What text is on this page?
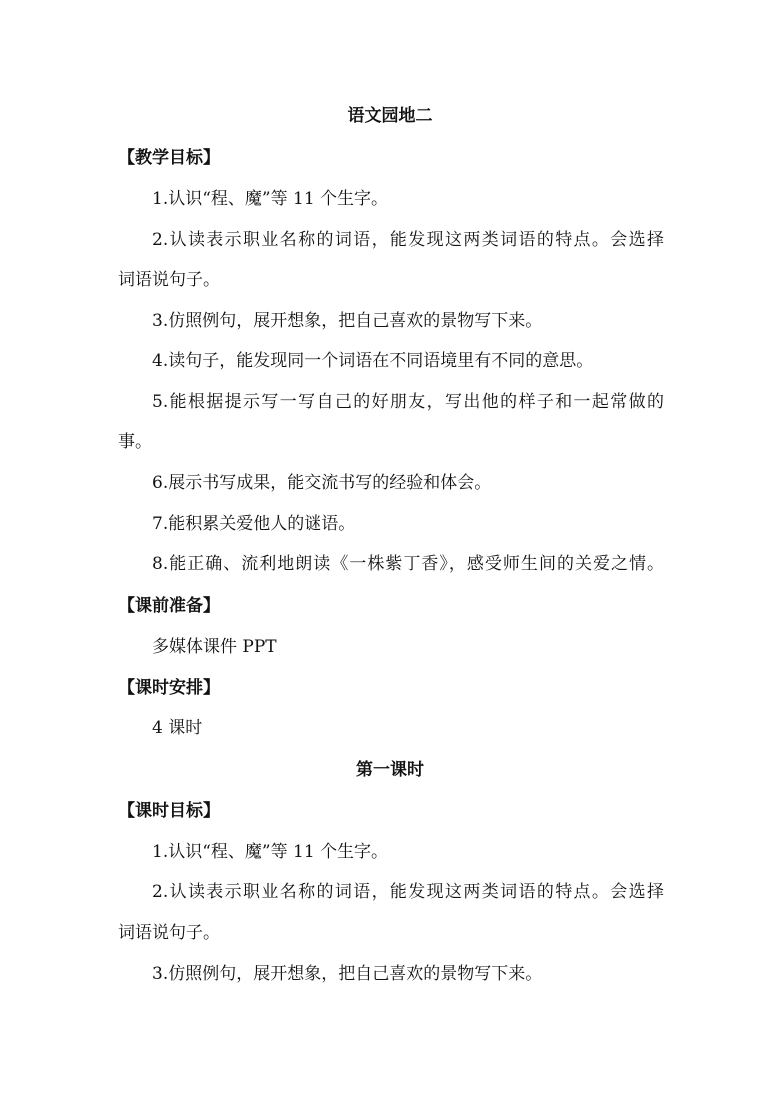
语文园地二
【教学目标】
1.认识“程、魔”等 11 个生字。
2.认读表示职业名称的词语，能发现这两类词语的特点。会选择
词语说句子。
3.仿照例句，展开想象，把自己喜欢的景物写下来。
4.读句子，能发现同一个词语在不同语境里有不同的意思。
5.能根据提示写一写自己的好朋友，写出他的样子和一起常做的
事。
6.展示书写成果，能交流书写的经验和体会。
7.能积累关爱他人的谜语。
8.能正确、流利地朗读《一株紫丁香》，感受师生间的关爱之情。
【课前准备】
多媒体课件 PPT
【课时安排】
4 课时
第一课时
【课时目标】
1.认识“程、魔”等 11 个生字。
2.认读表示职业名称的词语，能发现这两类词语的特点。会选择
词语说句子。
3.仿照例句，展开想象，把自己喜欢的景物写下来。
